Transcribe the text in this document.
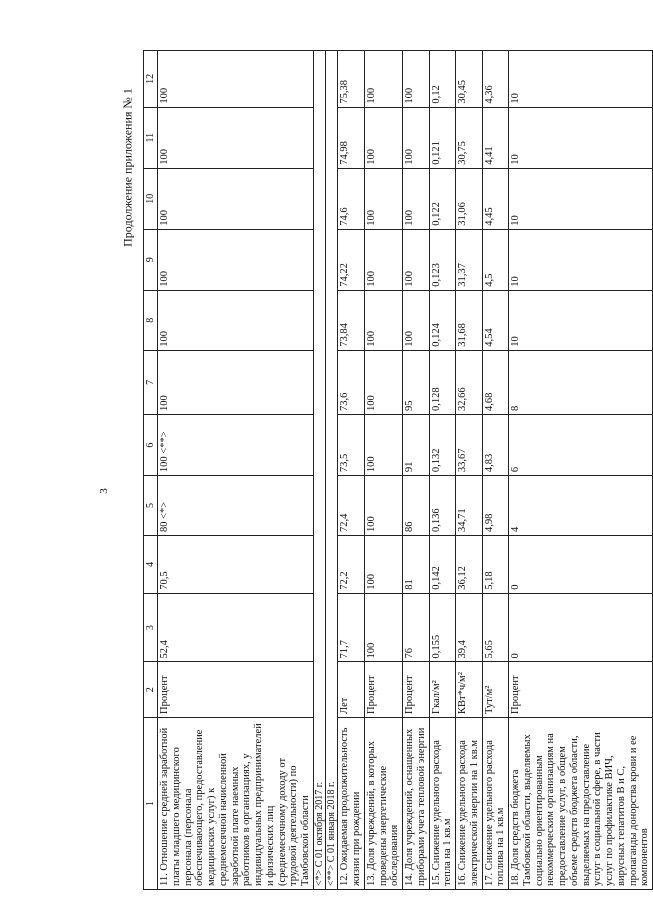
3
Продолжение приложения № 1
1	2	3	4	5	6	7	8	9	10	11	12
11. Отношение средней заработной платы младшего медицинского персонала (персонала обеспечивающего, предоставление медицинских услуг) к среднемесячной начисленной заработной плате наемных работников в организациях, у индивидуальных предпринимателей и физических лиц (среднемесячному доходу от трудовой деятельности) по Тамбовской области	Процент	52,4	70,5	80 <*>	100 <**>	100	100	100	100	100	100
<*> С 01 октября 2017 г.											
<**> С 01 января 2018 г.											
12. Ожидаемая продолжительность жизни при рождении	Лет	71,7	72,2	72,4	73,5	73,6	73,84	74,22	74,6	74,98	75,38
13. Доля учреждений, в которых проведены энергетические обследования	Процент	100	100	100	100	100	100	100	100	100	100
14. Доля учреждений, оснащенных приборами учета тепловой энергии	Процент	76	81	86	91	95	100	100	100	100	100
15. Снижение удельного расхода тепла на 1 кв.м	Гкал/м²	0,155	0,142	0,136	0,132	0,128	0,124	0,123	0,122	0,121	0,12
16. Снижение удельного расхода электрической энергии на 1 кв.м	КВт*ч/м²	39,4	36,12	34,71	33,67	32,66	31,68	31,37	31,06	30,75	30,45
17. Снижение удельного расхода топлива на 1 кв.м	Тут/м²	5,65	5,18	4,98	4,83	4,68	4,54	4,5	4,45	4,41	4,36
18. Доля средств бюджета Тамбовской области, выделяемых социально ориентированным некоммерческим организациям на предоставление услуг, в общем объеме средств бюджета области, выделяемых на предоставление услуг в социальной сфере, в части услуг по профилактике ВИЧ, вирусных гепатитов В и С, пропаганды донорства крови и ее компонентов	Процент	0	0	4	6	8	10	10	10	10	10
